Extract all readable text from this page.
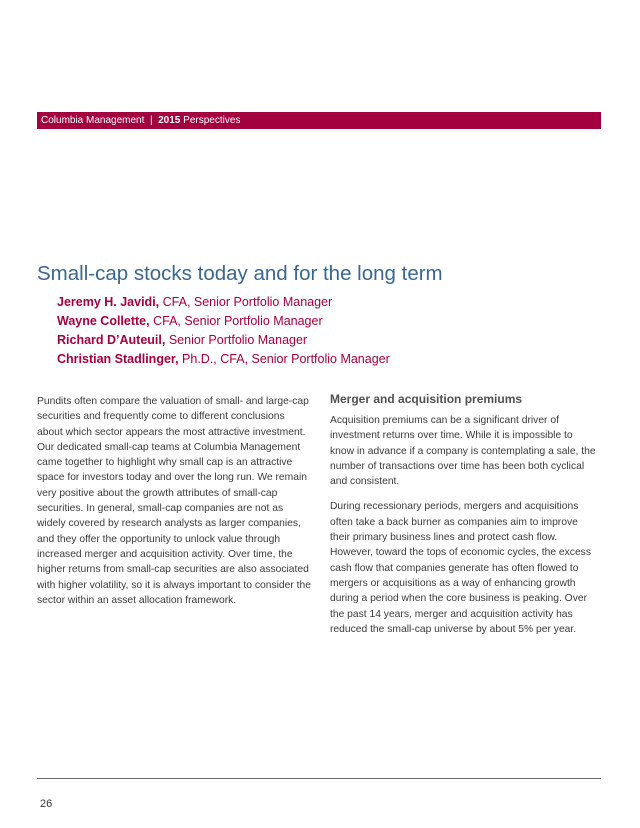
Columbia Management | 2015 Perspectives
Small-cap stocks today and for the long term
Jeremy H. Javidi, CFA, Senior Portfolio Manager
Wayne Collette, CFA, Senior Portfolio Manager
Richard D’Auteuil, Senior Portfolio Manager
Christian Stadlinger, Ph.D., CFA, Senior Portfolio Manager

Pundits often compare the valuation of small- and large-cap securities and frequently come to different conclusions about which sector appears the most attractive investment. Our dedicated small-cap teams at Columbia Management came together to highlight why small cap is an attractive space for investors today and over the long run. We remain very positive about the growth attributes of small-cap securities. In general, small-cap companies are not as widely covered by research analysts as larger companies, and they offer the opportunity to unlock value through increased merger and acquisition activity. Over time, the higher returns from small-cap securities are also associated with higher volatility, so it is always important to consider the sector within an asset allocation framework.

Merger and acquisition premiums

Acquisition premiums can be a significant driver of investment returns over time. While it is impossible to know in advance if a company is contemplating a sale, the number of transactions over time has been both cyclical and consistent.

During recessionary periods, mergers and acquisitions often take a back burner as companies aim to improve their primary business lines and protect cash flow. However, toward the tops of economic cycles, the excess cash flow that companies generate has often flowed to mergers or acquisitions as a way of enhancing growth during a period when the core business is peaking. Over the past 14 years, merger and acquisition activity has reduced the small-cap universe by about 5% per year.

26
